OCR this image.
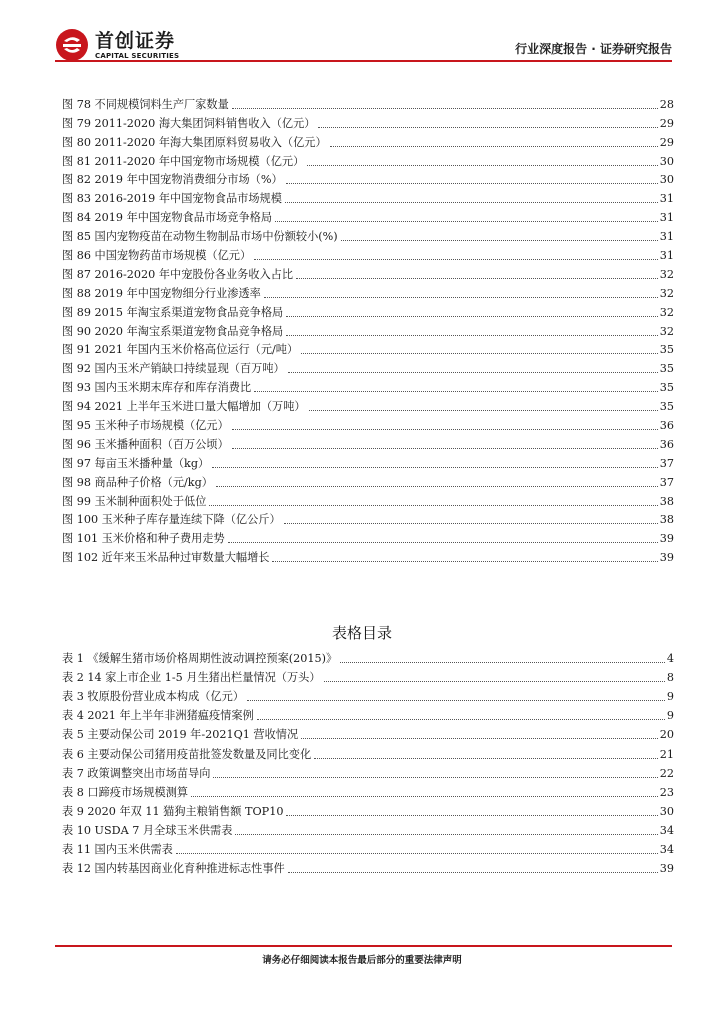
首创证券
CAPITAL SECURITIES	行业深度报告 · 证券研究报告
图 78 不同规模饲料生产厂家数量	28
图 79 2011-2020 海大集团饲料销售收入（亿元）	29
图 80 2011-2020 年海大集团原料贸易收入（亿元）	29
图 81 2011-2020 年中国宠物市场规模（亿元）	30
图 82 2019 年中国宠物消费细分市场（%）	30
图 83 2016-2019 年中国宠物食品市场规模	31
图 84 2019 年中国宠物食品市场竞争格局	31
图 85 国内宠物疫苗在动物生物制品市场中份额较小(%)	31
图 86 中国宠物药苗市场规模（亿元）	31
图 87 2016-2020 年中宠股份各业务收入占比	32
图 88 2019 年中国宠物细分行业渗透率	32
图 89 2015 年淘宝系渠道宠物食品竞争格局	32
图 90 2020 年淘宝系渠道宠物食品竞争格局	32
图 91 2021 年国内玉米价格高位运行（元/吨）	35
图 92 国内玉米产销缺口持续显现（百万吨）	35
图 93 国内玉米期末库存和库存消费比	35
图 94 2021 上半年玉米进口量大幅增加（万吨）	35
图 95 玉米种子市场规模（亿元）	36
图 96 玉米播种面积（百万公顷）	36
图 97 每亩玉米播种量（kg）	37
图 98 商品种子价格（元/kg）	37
图 99 玉米制种面积处于低位	38
图 100 玉米种子库存量连续下降（亿公斤）	38
图 101 玉米价格和种子费用走势	39
图 102 近年来玉米品种过审数量大幅增长	39
表格目录
表 1 《缓解生猪市场价格周期性波动调控预案(2015)》	4
表 2 14 家上市企业 1-5 月生猪出栏量情况（万头）	8
表 3 牧原股份营业成本构成（亿元）	9
表 4 2021 年上半年非洲猪瘟疫情案例	9
表 5 主要动保公司 2019 年-2021Q1 营收情况	20
表 6 主要动保公司猪用疫苗批签发数量及同比变化	21
表 7 政策调整突出市场苗导向	22
表 8 口蹄疫市场规模测算	23
表 9 2020 年双 11 猫狗主粮销售额 TOP10	30
表 10 USDA 7 月全球玉米供需表	34
表 11 国内玉米供需表	34
表 12 国内转基因商业化育种推进标志性事件	39
请务必仔细阅读本报告最后部分的重要法律声明
